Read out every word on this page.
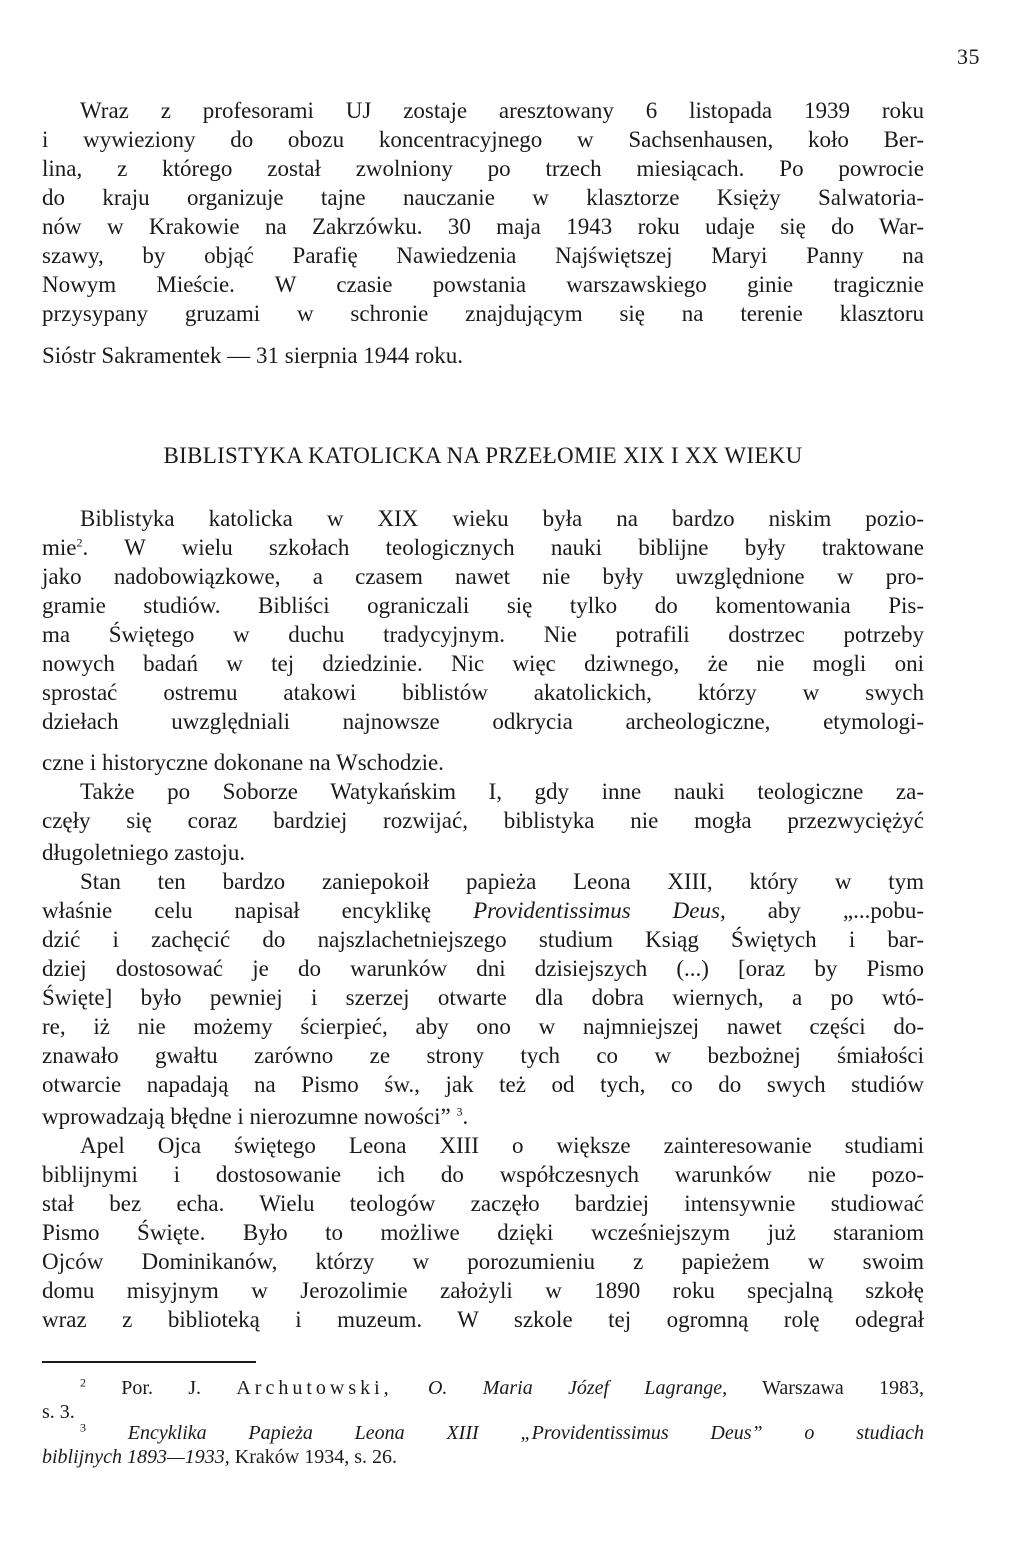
35
Wraz z profesorami UJ zostaje aresztowany 6 listopada 1939 roku
i wywieziony do obozu koncentracyjnego w Sachsenhausen, koło Ber-
lina, z którego został zwolniony po trzech miesiącach. Po powrocie
do kraju organizuje tajne nauczanie w klasztorze Księży Salwatoria-
nów w Krakowie na Zakrzówku. 30 maja 1943 roku udaje się do War-
szawy, by objąć Parafię Nawiedzenia Najświętszej Maryi Panny na
Nowym Mieście. W czasie powstania warszawskiego ginie tragicznie
przysypany gruzami w schronie znajdującym się na terenie klasztoru
Sióstr Sakramentek — 31 sierpnia 1944 roku.
BIBLISTYKA KATOLICKA NA PRZEŁOMIE XIX I XX WIEKU
Biblistyka katolicka w XIX wieku była na bardzo niskim pozio-
mie$^2$. W wielu szkołach teologicznych nauki biblijne były traktowane
jako nadobowiązkowe, a czasem nawet nie były uwzględnione w pro-
gramie studiów. Bibliści ograniczali się tylko do komentowania Pis-
ma Świętego w duchu tradycyjnym. Nie potrafili dostrzec potrzeby
nowych badań w tej dziedzinie. Nic więc dziwnego, że nie mogli oni
sprostać ostremu atakowi biblistów akatolickich, którzy w swych
dziełach uwzględniali najnowsze odkrycia archeologiczne, etymologi-
czne i historyczne dokonane na Wschodzie.
Także po Soborze Watykańskim I, gdy inne nauki teologiczne za-
częły się coraz bardziej rozwijać, biblistyka nie mogła przezwyciężyć
długoletniego zastoju.
Stan ten bardzo zaniepokoił papieża Leona XIII, który w tym
właśnie celu napisał encyklikę Providentissimus Deus, aby „...pobu-
dzić i zachęcić do najszlachetniejszego studium Ksiąg Świętych i bar-
dziej dostosować je do warunków dni dzisiejszych (...) [oraz by Pismo
Święte] było pewniej i szerzej otwarte dla dobra wiernych, a po wtó-
re, iż nie możemy ścierpieć, aby ono w najmniejszej nawet części do-
znawało gwałtu zarówno ze strony tych co w bezbożnej śmiałości
otwarcie napadają na Pismo św., jak też od tych, co do swych studiów
wprowadzają błędne i nierozumne nowości” $^3$.
Apel Ojca świętego Leona XIII o większe zainteresowanie studiami
biblijnymi i dostosowanie ich do współczesnych warunków nie pozo-
stał bez echa. Wielu teologów zaczęło bardziej intensywnie studiować
Pismo Święte. Było to możliwe dzięki wcześniejszym już staraniom
Ojców Dominikanów, którzy w porozumieniu z papieżem w swoim
domu misyjnym w Jerozolimie założyli w 1890 roku specjalną szkołę
wraz z biblioteką i muzeum. W szkole tej ogromną rolę odegrał
$^2$ Por. J. Archutowski, O. Maria Józef Lagrange, Warszawa 1983,
s. 3.
$^3$ Encyklika Papieża Leona XIII „Providentissimus Deus” o studiach
biblijnych 1893—1933, Kraków 1934, s. 26.
